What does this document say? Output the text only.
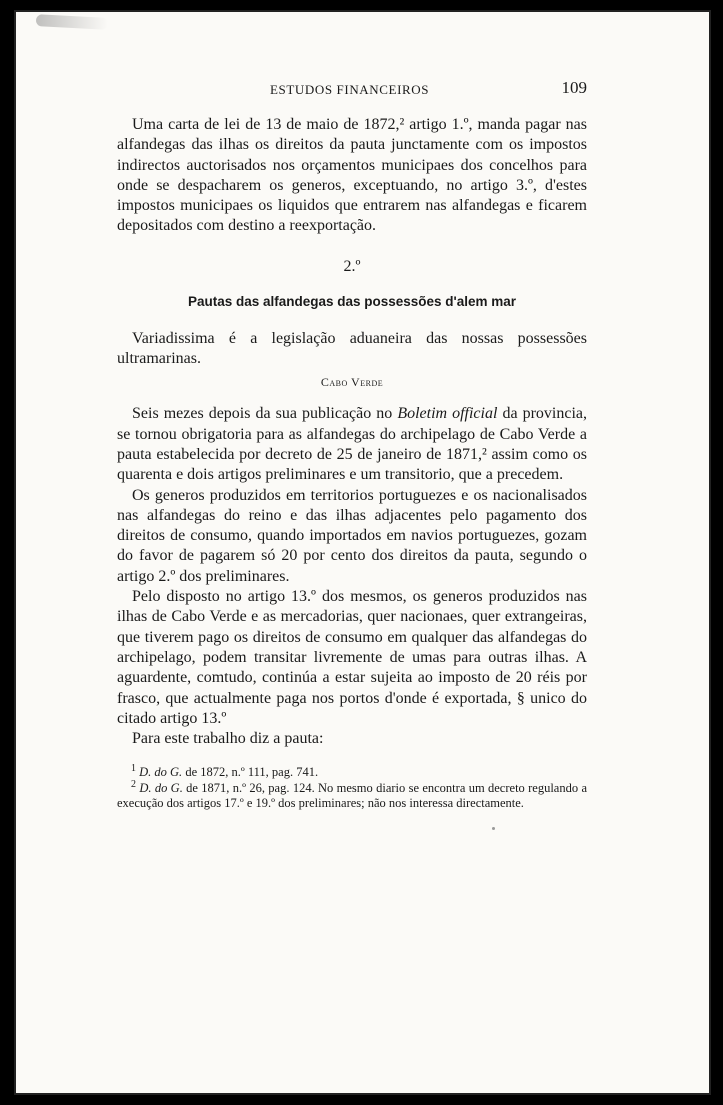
ESTUDOS FINANCEIROS	109

Uma carta de lei de 13 de maio de 1872,² artigo 1.º, manda pagar nas alfandegas das ilhas os direitos da pauta junctamente com os impostos indirectos auctorisados nos orçamentos municipaes dos concelhos para onde se despacharem os generos, exceptuando, no artigo 3.º, d'estes impostos municipaes os liquidos que entrarem nas alfandegas e ficarem depositados com destino a reexportação.

2.º
Pautas das alfandegas das possessões d'alem mar

Variadissima é a legislação aduaneira das nossas possessões ultramarinas.

Cabo Verde

Seis mezes depois da sua publicação no Boletim official da provincia, se tornou obrigatoria para as alfandegas do archipelago de Cabo Verde a pauta estabelecida por decreto de 25 de janeiro de 1871,² assim como os quarenta e dois artigos preliminares e um transitorio, que a precedem.

Os generos produzidos em territorios portuguezes e os nacionalisados nas alfandegas do reino e das ilhas adjacentes pelo pagamento dos direitos de consumo, quando importados em navios portuguezes, gozam do favor de pagarem só 20 por cento dos direitos da pauta, segundo o artigo 2.º dos preliminares.

Pelo disposto no artigo 13.º dos mesmos, os generos produzidos nas ilhas de Cabo Verde e as mercadorias, quer nacionaes, quer extrangeiras, que tiverem pago os direitos de consumo em qualquer das alfandegas do archipelago, podem transitar livremente de umas para outras ilhas. A aguardente, comtudo, continúa a estar sujeita ao imposto de 20 réis por frasco, que actualmente paga nos portos d'onde é exportada, § unico do citado artigo 13.º

Para este trabalho diz a pauta:

$^1$ D. do G. de 1872, n.º 111, pag. 741.

$^2$ D. do G. de 1871, n.º 26, pag. 124. No mesmo diario se encontra um decreto regulando a execução dos artigos 17.º e 19.º dos preliminares; não nos interessa directamente.
